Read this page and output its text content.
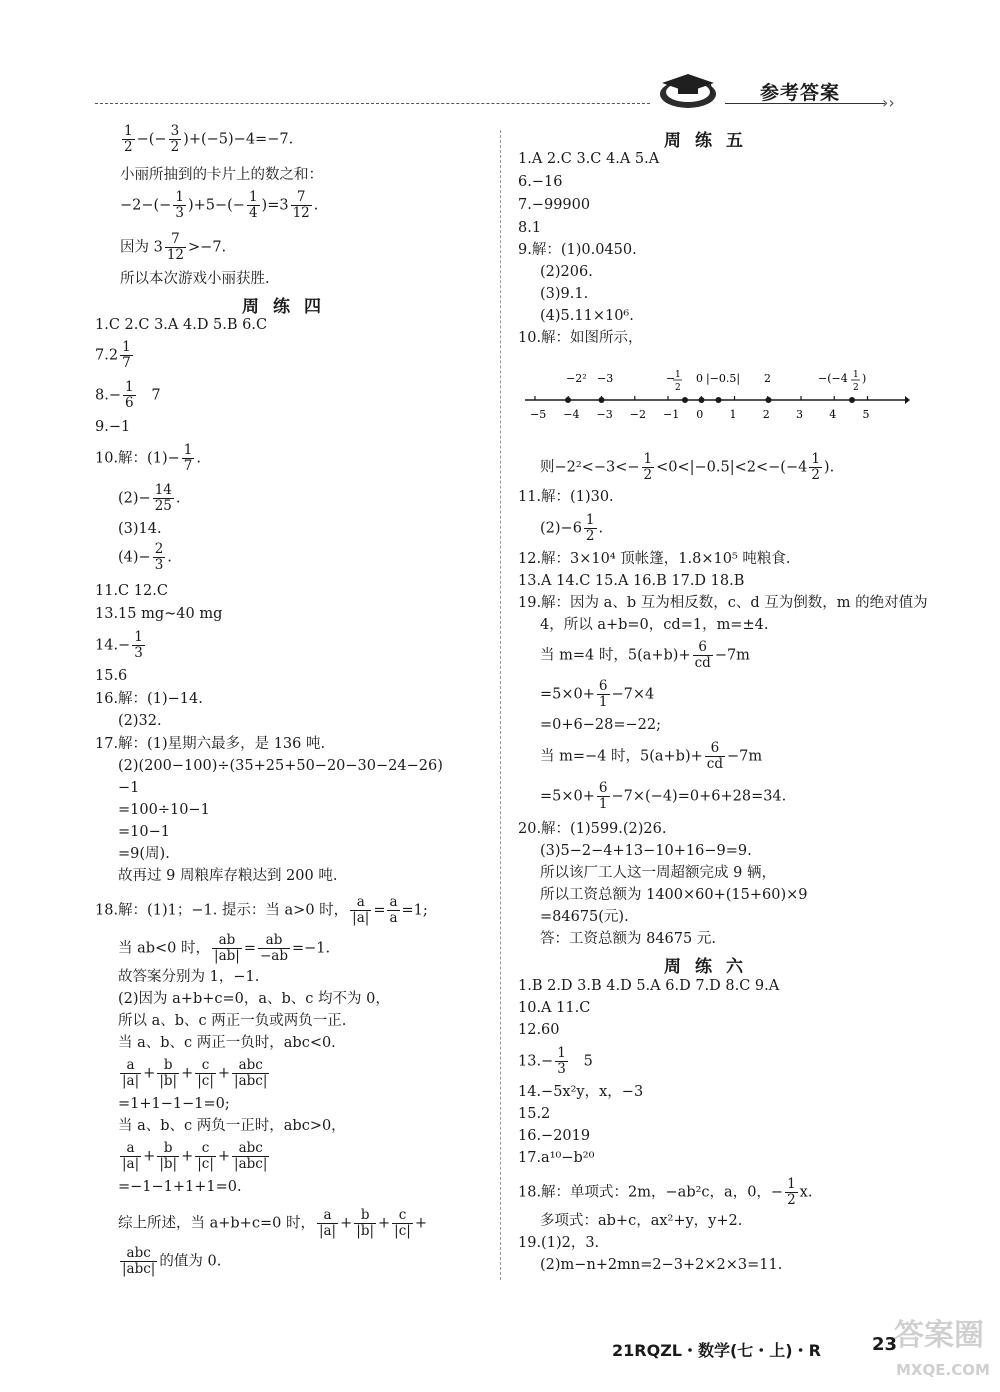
参考答案	››
$\frac{1}{2}$ −(− $\frac{3}{2} )+(-5)-4=-7$.
小丽所抽到的卡片上的数之和：
$-2-(- \frac{1}{3} )+5-(- \frac{1}{4} )=3 \frac{7}{12}$ .
因为 $3 \frac{7}{12} >-7$.
所以本次游戏小丽获胜.
周练四
1.C 2.C 3.A 4.D 5.B 6.C
$7.2 \frac{1}{7}$
$8.- \frac{1}{6} 7$
9.−1
10.解：$(1)- \frac{1}{7}$ .
$(2)- \frac{14}{25}$ .
(3)14.
$(4)- \frac{2}{3}$ .
11.C 12.C
13.15 mg~40 mg
$14.- \frac{1}{3}$
15.6
16.解：(1)−14.
(2)32.
17.解：(1)星期六最多，是 136 吨.
(2)(200−100)÷(35+25+50−20−30−24−26)
−1
=100÷10−1
=10−1
=9(周).
故再过 9 周粮库存粮达到 200 吨.
18.解：(1)1；−1. 提示：当 a>0 时， $\frac{a}{|a|} = \frac{a}{a} =1$;
当 ab<0 时， $\frac{ab}{|ab|} = \frac{ab}{-ab} =-1$.
故答案分别为 1，−1.
(2)因为 a+b+c=0，a、b、c 均不为 0，
所以 a、b、c 两正一负或两负一正.
当 a、b、c 两正一负时，abc<0.
$\frac{a}{|a|} + \frac{b}{|b|} + \frac{c}{|c|} + \frac{\text{abc}}{\text{|abc|}}$
=1+1−1−1=0;
当 a、b、c 两负一正时，abc>0，
$\frac{a}{|a|} + \frac{b}{|b|} + \frac{c}{|c|} + \frac{\text{abc}}{\text{|abc|}}$
=−1−1+1+1=0.
综上所述，当 a+b+c=0 时， $\frac{a}{|a|} + \frac{b}{|b|} + \frac{c}{|c|}$ +
$\frac{\text{abc}}{\text{|abc|}}$ 的值为 0.
周练五
1.A 2.C 3.C 4.A 5.A
6.−16
7.−99900
8.1
9.解：(1)0.0450.
(2)206.
(3)9.1.
(4)5.11×10⁶.
10.解：如图所示，
−5 −4 −3 −2 −1 0 1 2 3 4 5
−2² −3	− 1
2
0 |−0.5| 2	−(−4 1
2
)
则$-2^2<-3<- \frac{1}{2} <0<|-0.5|<2<-(-4 \frac{1}{2}$ ).
11.解：(1)30.
$(2)-6 \frac{1}{2}$ .
12.解：3×10⁴ 顶帐篷，1.8×10⁵ 吨粮食.
13.A 14.C 15.A 16.B 17.D 18.B
19.解：因为 a、b 互为相反数，c、d 互为倒数，m 的绝对值为
4，所以 a+b=0，cd=1，m=±4.
当 m=4 时，$5(a+b)+ \frac{6}{cd} -7m$
$=5\times 0+ \frac{6}{1} -7\times 4$
=0+6−28=−22;
当 m=−4 时，$5(a+b)+ \frac{6}{cd} -7m$
$=5\times 0+ \frac{6}{1} -7\times(-4)=0+6+28=34$.
20.解：(1)599.(2)26.
(3)5−2−4+13−10+16−9=9.
所以该厂工人这一周超额完成 9 辆，
所以工资总额为 1400×60+(15+60)×9
=84675(元).
答：工资总额为 84675 元.
周练六
1.B 2.D 3.B 4.D 5.A 6.D 7.D 8.C 9.A
10.A 11.C
12.60
$13.- \frac{1}{3} 5$
14.−5x²y，x，−3
15.2
16.−2019
17.a¹⁰−b²⁰
18.解：单项式：2m，−ab²c，a，0，− $\frac{1}{2} x$.
多项式：ab+c，ax²+y，y+2.
19.(1)2，3.
(2)m−n+2mn=2−3+2×2×3=11.
21RQZL・数学(七・上)・R	23
答案圈
MXQE.COM
